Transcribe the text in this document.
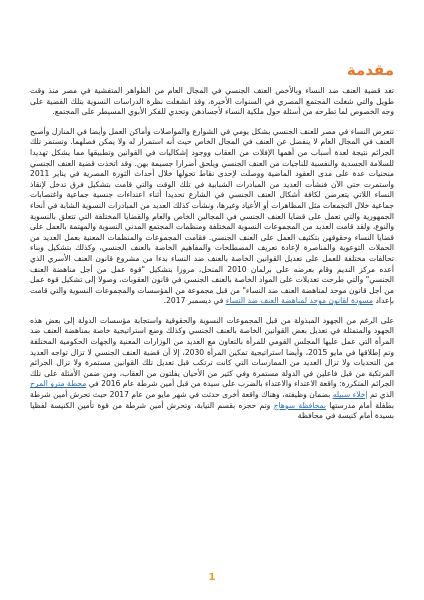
مقدمة

تعد قضية العنف ضد النساء وبالأخص العنف الجنسي في المجال العام من الظواهر المتفشية في مصر منذ وقت طويل والتي شغلت المجتمع المصري في السنوات الأخيرة، وقد انشغلت نظرة الدراسات النسوية بتلك القضية على وجه الخصوص لما تطرحه من أسئلة حول ملكية النساء لأجسادهن وتحدي للفكر الأبوي المسيطر على المجتمع.

تتعرض النساء في مصر للعنف الجنسي بشكل يومي في الشوارع والمواصلات وأماكن العمل وأيضا في المنازل وأصبح العنف في المجال العام لا ينفصل عن العنف في المجال الخاص حيث أنه استمرار له ولا يمكن فصلهما. وتستمر تلك الجرائم نتيجة لعدة أسباب من أهمها الإفلات من العقاب ووجود إشكاليات في القوانين وتطبيقها مما يشكل تهديدا للسلامة الجسدية والنفسية للناجيات من العنف الجنسي ويلحق أضرارا جسيمة بهن. وقد اتخذت قضية العنف الجنسي منحنيات عدة على مدى العقود الماضية ووصلت لإحدى نقاط تحولها خلال أحداث الثورة المصرية في يناير 2011 واستمرت حتى الآن فنشأت العديد من المبادرات الشبابية في تلك الوقت والتي قامت بتشكيل فرق تدخل لإنقاذ النساء اللاتي يتعرضن لكافة أشكال العنف الجنسي في الشارع تحديدا أثناء اعتداءات جنسية جماعية واغتصابات جماعية خلال التجمعات مثل المظاهرات أو الأعياد وغيرها، ونشأت كذلك العديد من المبادرات النسوية الشابة في أنحاء الجمهورية والتي تعمل على قضايا العنف الجنسي في المجالين الخاص والعام والقضايا المختلفة التي تتعلق بالنسوية والنوع، ولقد قامت العديد من المجموعات النسوية المختلفة ومنظمات المجتمع المدني النسوية والمهتمة بالعمل على قضايا النساء وحقوقهن بتكثيف العمل على العنف الجنسي. فقامت المجموعات والمنظمات المعنية بعمل العديد من الحملات التوعوية والمناصرة لإعادة تعريف المصطلحات والمفاهيم الخاصة بالعنف الجنسي، وكذلك بتشكيل وبناء تحالفات مختلفة للعمل على تعديل القوانين الخاصة بالعنف ضد النساء بدءا من مشروع قانون العنف الأسري الذي أعده مركز النديم وقام بعرضه على برلمان 2010 المنحل، مرورا بتشكيل "قوة عمل من أجل مناهضة العنف الجنسي" والتي طرحت تعديلات على المواد الخاصة بالعنف الجنسي في قانون العقوبات، وصولا إلى تشكيل قوة عمل من أجل قانون موحد لمناهضة العنف ضد النساء" من قبل مجموعة من المؤسسات والمجموعات النسوية والتي قامت بإعداد مسودة لقانون موحد لمناهضة العنف ضد النساء في ديسمبر 2017.

على الرغم من الجهود المبذولة من قبل المجموعات النسوية والحقوقية واستجابة مؤسسات الدولة إلى بعض هذه الجهود والمتمثلة في تعديل بعض القوانين الخاصة بالعنف الجنسي وكذلك وضع استراتيجية خاصة بمناهضة العنف ضد المرأة التي عمل عليها المجلس القومي للمرأة بالتعاون مع العديد من الوزارات المعنية والجهات الحكومية المختلفة وتم إطلاقها في مايو 2015، وأيضا استراتيجية تمكين المرأة 2030، إلا أن قضية العنف الجنسي لا تزال تواجه العديد من التحديات ولا تزال العديد من الممارسات التي كانت ترتكب قبل تعديل تلك القوانين مستمرة ولا تزال الجرائم المرتكبة من قبل فاعلين في الدولة مستمرة وفي كثير من الأحيان يفلتون من العقاب، ومن ضمن الأمثلة على تلك الجرائم المتكررة: واقعة الاعتداء والاعتداء بالضرب على سيدة من قبل أمين شرطة عام 2016 في محطة مترو المرج الذي تم إخلاء سبيله بضمان وظيفته، وهناك واقعة أخرى حدثت في شهر مايو من عام 2017 حيث تحرش أمين شرطة بطفلة أمام مدرستها بمحافظة سوهاج وتم حجزه بقسم النيابة، وتحرش أمين شرطة من قوة تأمين الكنيسة لفظيا بسيدة أمام كنيسة في محافظة

1
